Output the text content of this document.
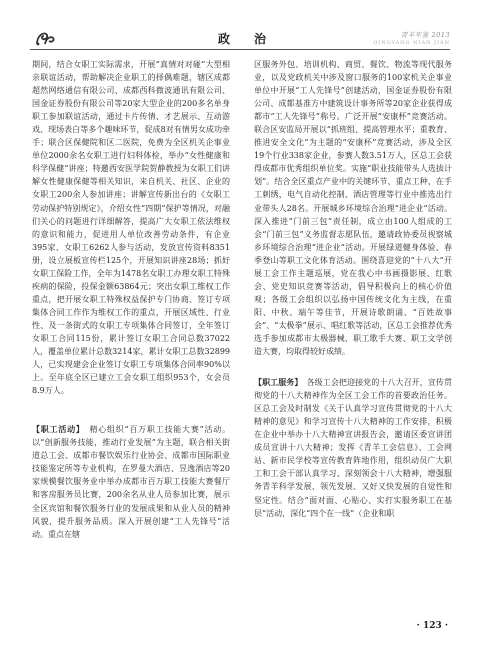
政　治	青羊年鉴 2013
QINGYANG NIAN JIAN

期间，结合女职工实际需求，开展“真情对对碰”大型相亲联谊活动，帮助解决企业职工的择偶难题，辖区成都超然网络通信有限公司、成都西科微波通讯有限公司、国金证券股份有限公司等20家大型企业的200多名单身职工参加联谊活动，通过卡片传情、才艺展示、互动游戏、现场表白等多个趣味环节，促成8对有情男女成功牵手；联合区保健院和区二医院，免费为全区机关企事业单位2000余名女职工进行妇科体检，举办“女性健康和科学保健”讲座；特邀西安医学院贺静教授为女职工们讲解女性健康保健等相关知识，来自机关、社区、企业的女职工200余人参加讲座；讲解宣传新出台的《女职工劳动保护特别规定》，介绍女性“四期”保护等情况，对融们关心的问题进行详细解答，提高广大女职工依法维权的意识和能力，促进用人单位改善劳动条件，有企业395家、女职工6262人参与活动，发放宣传资料8351册，设立展板宣传栏125个，开展知识讲座28场；抓好女职工保险工作，全年为1478名女职工办理女职工特殊疾病的保险，投保金额63864元；突出女职工维权工作重点，把开展女职工特殊权益保护专门协商、签订专项集体合同工作作为维权工作的重点，开展区域性、行业性、及一条街式的女职工专项集体合同签订，全年签订女职工合同115份，累计签订女职工合同总数37022人，覆盖单位累计总数3214家，累计女职工总数32899人，已实现建会企业签订女职工专项集体合同率90%以上。至年底全区已建立工会女职工组织953个，女会员8.9万人。

【职工活动】　 精心组织“百万职工技能大赛”活动。以“创新服务技能，推动行业发展”为主题，联合相关街道总工会、成都市餐饮娱乐行业协会、成都市国际职业技能鉴定所等专业机构，在罗曼大酒店、昱逸酒店等20家规模餐饮服务业中举办成都市百万职工技能大赛餐厅和客房服务员比赛，200余名从业人员参加比赛，展示全区宾馆和餐饮服务行业的发展成果和从业人员的精神风貌，提升服务品质。深入开展创建“工人先锋号”活动。重点在辖

区服务外包、培训机构、商贸、餐饮、物流等现代服务业，以及党政机关中涉及窗口服务的100家机关企事业单位中开展“工人先锋号”创建活动，国金证券股份有限公司、成都基准方中建筑设计事务所等20家企业获得成都市“工人先锋号”称号。广泛开展“安康杯”竞赛活动。联合区安监局开展以“抓班组、提高管理水平；重教育、推进安全文化”为主题的“安康杯”竞赛活动，涉及全区19个行业338家企业，参赛人数3.51万人，区总工会获得成都市优秀组织单位奖。实施“职业技能带头人选拔计划”。结合全区重点产业中的关键环节、重点工种，在手工刺绣、电气自动化控制、酒店管理等行业中推选出行业带头人28名。开展城乡环境综合治理“进企业”活动。深入推进“门前三包”责任制，成立由100人组成的工会“门前三包”义务监督志愿队伍，邀请政协委员视察城乡环境综合治理“进企业”活动。开展绿道健身体验、春季登山等职工文化体育活动。围绕喜迎党的“十八大”开展工会工作主题巡展，党在我心中书画摄影展、红歌会、党史知识竞赛等活动，倡导积极向上的核心价值观；各级工会组织以弘扬中国传统文化为主线，在重阳、中秋、端午等佳节，开展诗歌朗诵、“百姓故事会”、“太极拳”展示、唱红歌等活动，区总工会推荐优秀选手参加成都市太极器械、职工歌手大赛、职工文学创造大赛，均取得较好成绩。

【职工服务】　 各级工会把迎接党的十八大召开，宣传贯彻党的十八大精神作为全区工会工作的首要政治任务。区总工会及时制发《关于认真学习宣传贯彻党的十八大精神的意见》和学习宣传十八大精神的工作安排，积极在企业中举办十八大精神宣讲报告会，邀请区委宣讲团成员宣讲十八大精神；发挥《青羊工会信息》、工会网站、新市民学校等宣传教育阵地作用，组织动员广大职工和工会干部认真学习、深刻领会十八大精神，增强服务青羊科学发展、领先发展、又好又快发展的自觉性和坚定性。结合“面对面、心贴心、实打实服务职工在基层”活动，深化“四个在一线”（企业和职

· 123 ·
